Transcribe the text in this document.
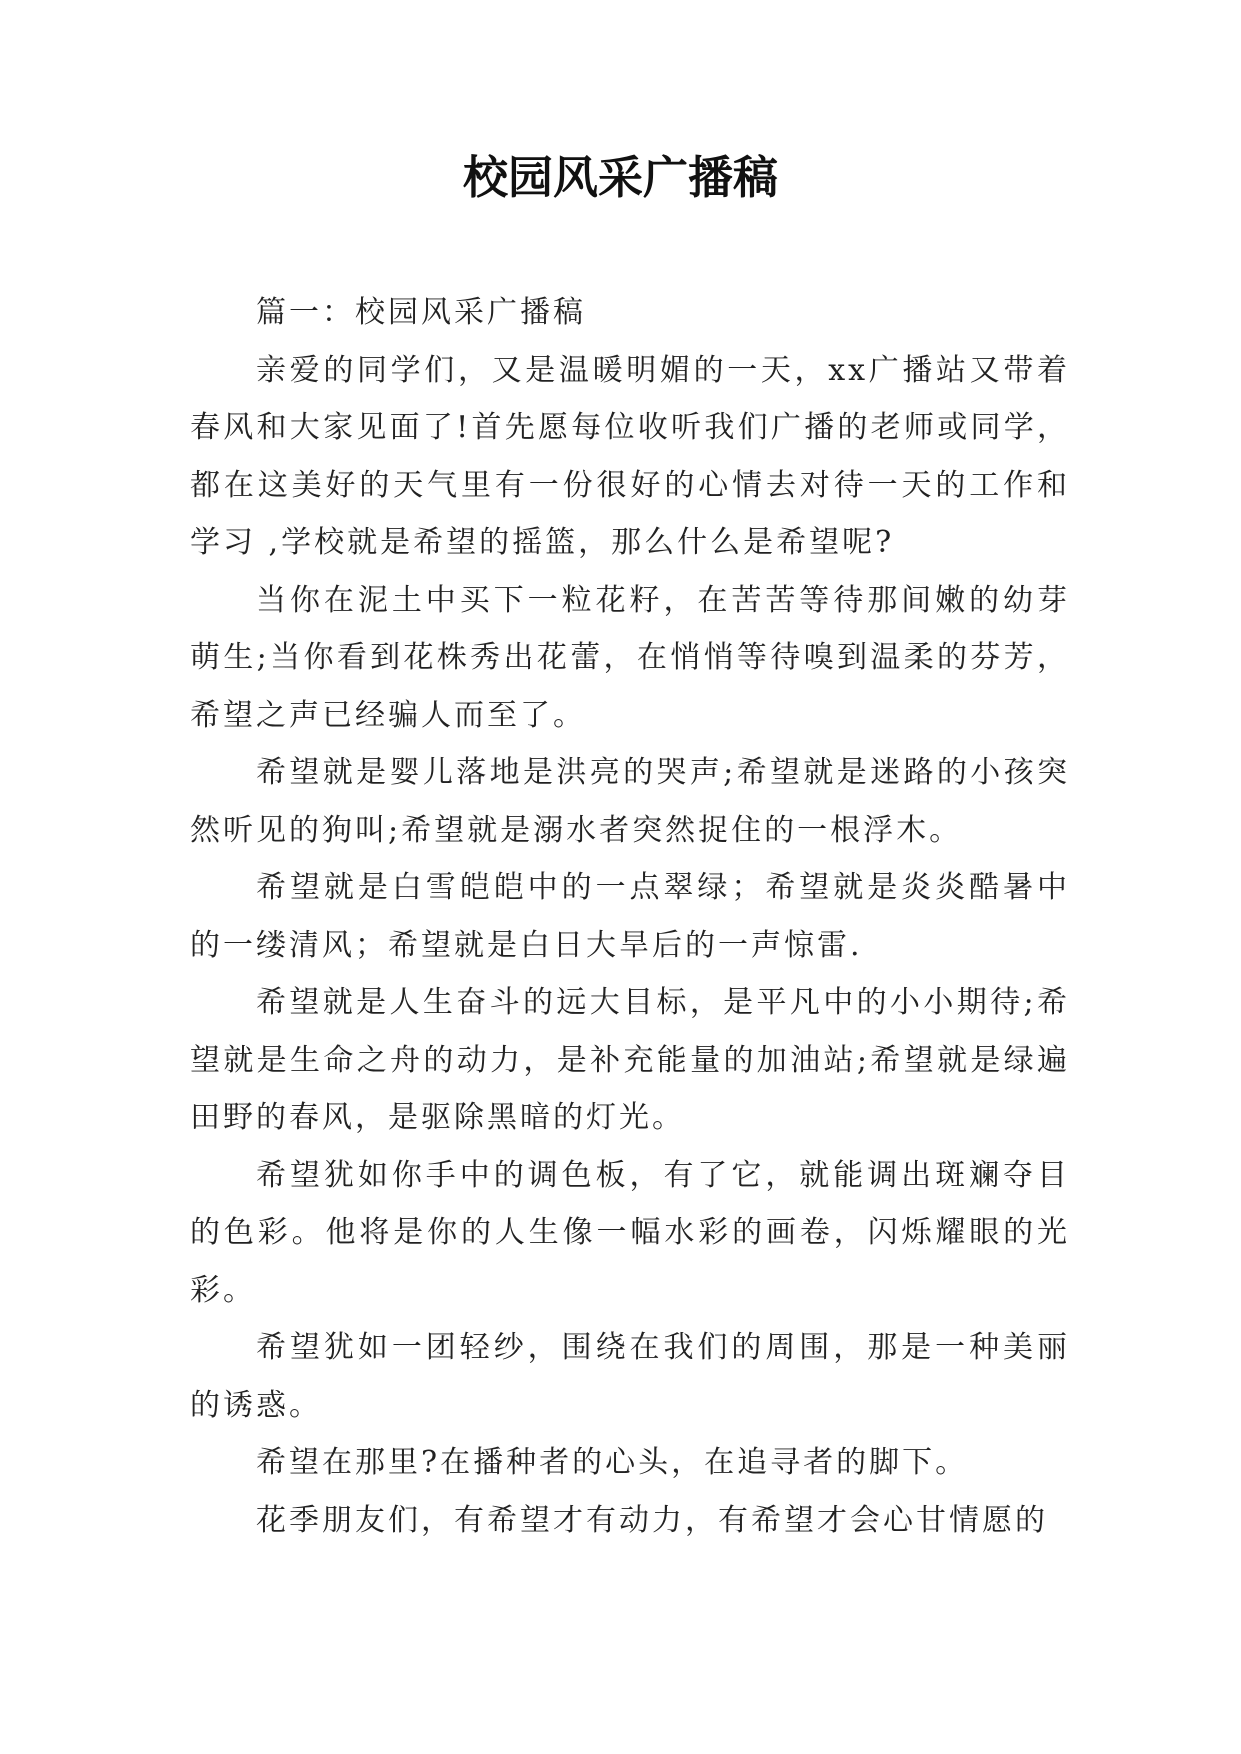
校园风采广播稿

篇一：校园风采广播稿

亲爱的同学们，又是温暖明媚的一天，xx广播站又带着春风和大家见面了!首先愿每位收听我们广播的老师或同学，都在这美好的天气里有一份很好的心情去对待一天的工作和学习 ,学校就是希望的摇篮，那么什么是希望呢?

当你在泥土中买下一粒花籽，在苦苦等待那间嫩的幼芽萌生;当你看到花株秀出花蕾，在悄悄等待嗅到温柔的芬芳，希望之声已经骗人而至了。

希望就是婴儿落地是洪亮的哭声;希望就是迷路的小孩突然听见的狗叫;希望就是溺水者突然捉住的一根浮木。

希望就是白雪皑皑中的一点翠绿；希望就是炎炎酷暑中的一缕清风；希望就是白日大旱后的一声惊雷.

希望就是人生奋斗的远大目标，是平凡中的小小期待;希望就是生命之舟的动力，是补充能量的加油站;希望就是绿遍田野的春风，是驱除黑暗的灯光。

希望犹如你手中的调色板，有了它，就能调出斑斓夺目的色彩。他将是你的人生像一幅水彩的画卷，闪烁耀眼的光彩。

希望犹如一团轻纱，围绕在我们的周围，那是一种美丽的诱惑。

希望在那里?在播种者的心头，在追寻者的脚下。

花季朋友们，有希望才有动力，有希望才会心甘情愿的
